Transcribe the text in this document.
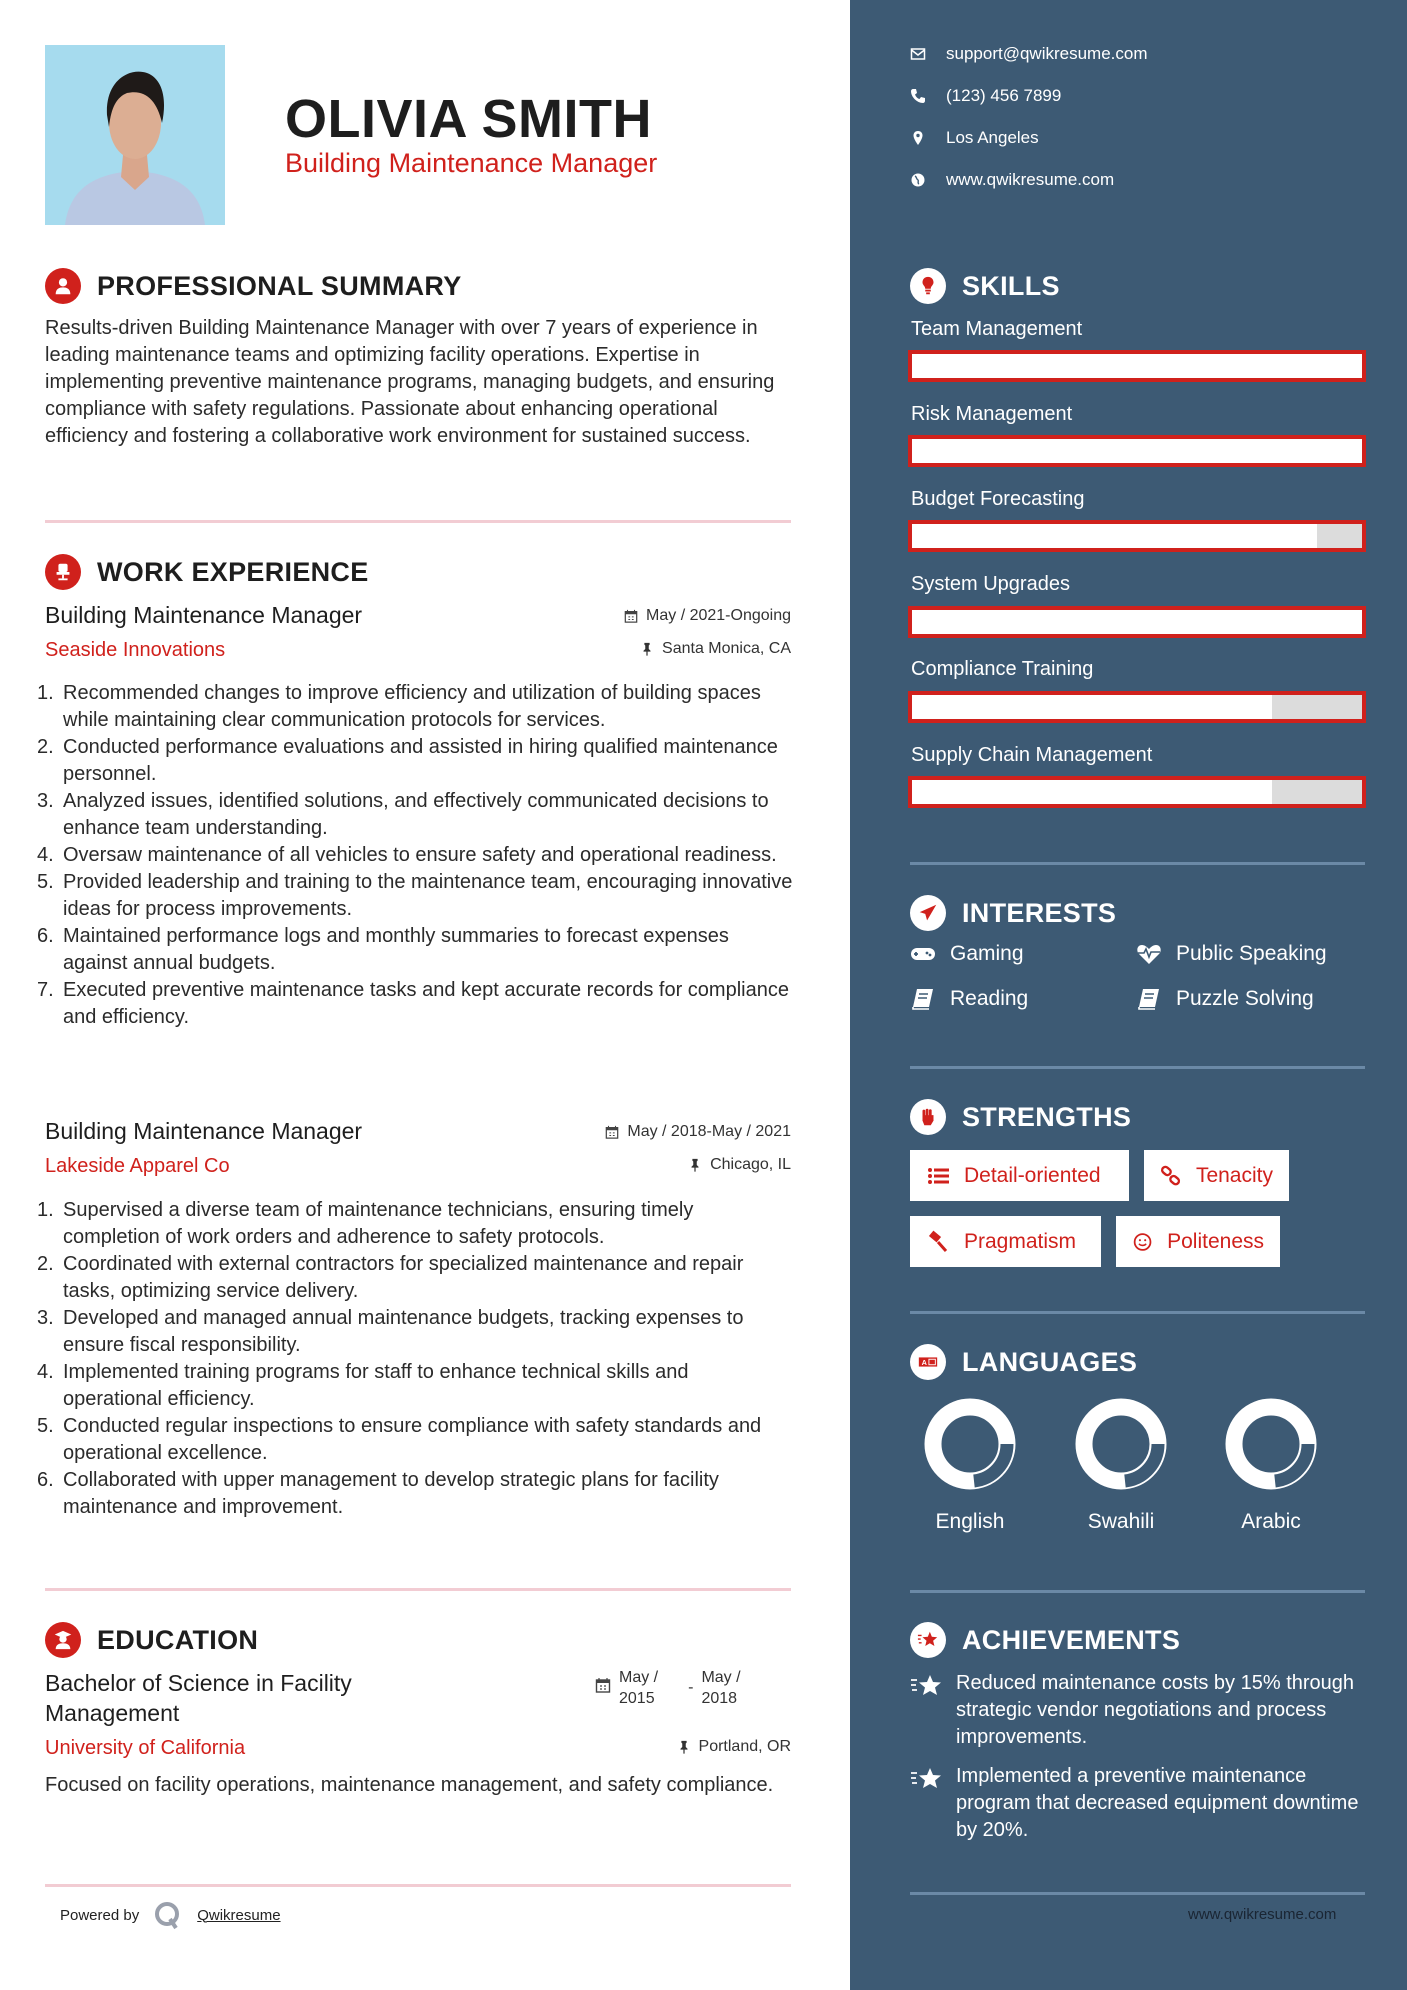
OLIVIA SMITH
Building Maintenance Manager
PROFESSIONAL SUMMARY
Results-driven Building Maintenance Manager with over 7 years of experience in leading maintenance teams and optimizing facility operations. Expertise in implementing preventive maintenance programs, managing budgets, and ensuring compliance with safety regulations. Passionate about enhancing operational efficiency and fostering a collaborative work environment for sustained success.
WORK EXPERIENCE
Building Maintenance Manager	May / 2021-Ongoing
Seaside Innovations	Santa Monica, CA
Recommended changes to improve efficiency and utilization of building spaces while maintaining clear communication protocols for services.
Conducted performance evaluations and assisted in hiring qualified maintenance personnel.
Analyzed issues, identified solutions, and effectively communicated decisions to enhance team understanding.
Oversaw maintenance of all vehicles to ensure safety and operational readiness.
Provided leadership and training to the maintenance team, encouraging innovative ideas for process improvements.
Maintained performance logs and monthly summaries to forecast expenses against annual budgets.
Executed preventive maintenance tasks and kept accurate records for compliance and efficiency.
Building Maintenance Manager	May / 2018-May / 2021
Lakeside Apparel Co	Chicago, IL
Supervised a diverse team of maintenance technicians, ensuring timely completion of work orders and adherence to safety protocols.
Coordinated with external contractors for specialized maintenance and repair tasks, optimizing service delivery.
Developed and managed annual maintenance budgets, tracking expenses to ensure fiscal responsibility.
Implemented training programs for staff to enhance technical skills and operational efficiency.
Conducted regular inspections to ensure compliance with safety standards and operational excellence.
Collaborated with upper management to develop strategic plans for facility maintenance and improvement.
EDUCATION
Bachelor of Science in Facility Management
May /
2015
-
May /
2018
University of California	Portland, OR
Focused on facility operations, maintenance management, and safety compliance.
Powered by	Qwikresume
support@qwikresume.com
(123) 456 7899
Los Angeles
www.qwikresume.com
SKILLS
Team Management
Risk Management
Budget Forecasting
System Upgrades
Compliance Training
Supply Chain Management
INTERESTS
Gaming	Public Speaking
Reading	Puzzle Solving
STRENGTHS
Detail-oriented	Tenacity
Pragmatism	Politeness
A LANGUAGES
English	Swahili	Arabic
ACHIEVEMENTS
Reduced maintenance costs by 15% through strategic vendor negotiations and process improvements.
Implemented a preventive maintenance program that decreased equipment downtime by 20%.
www.qwikresume.com
